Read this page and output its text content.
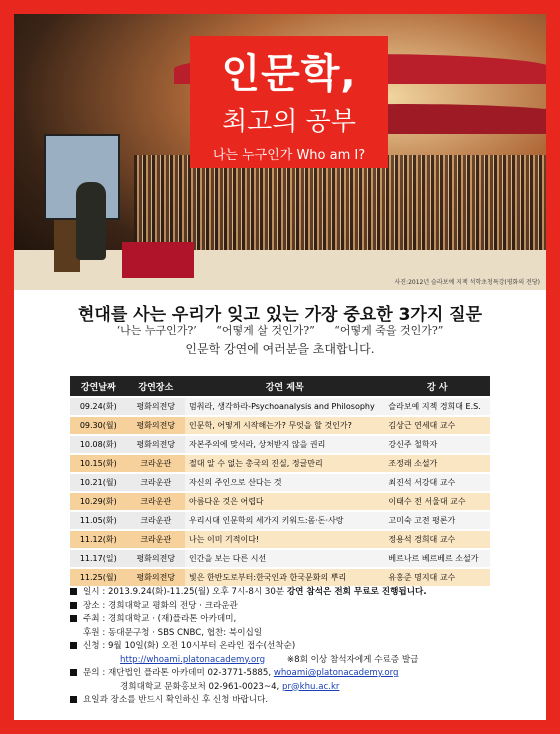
인문학,
최고의 공부
나는 누구인가 Who am I?
사진:2012년 슬라보예 지젝 석학초청특강(평화의 전당)
현대를 사는 우리가 잊고 있는 가장 중요한 3가지 질문
‘나는 누구인가?’ “어떻게 살 것인가?” “어떻게 죽을 것인가?”
인문학 강연에 여러분을 초대합니다.
강연날짜	강연장소	강연 제목	강 사
09.24(화)	평화의전당	멈춰라, 생각하라-Psychoanalysis and Philosophy	슬라보예 지젝 경희대 E.S.
09.30(월)	평화의전당	인문학, 어떻게 시작해는가? 무엇을 할 것인가?	김상근 연세대 교수
10.08(화)	평화의전당	자본주의에 맞서라, 상처받지 않을 권리	강신주 철학자
10.15(화)	크라운관	절대 알 수 없는 총국의 진실, 정글만리	조정래 소설가
10.21(월)	크라운관	자신의 주인으로 산다는 것	최진석 서강대 교수
10.29(화)	크라운관	아름다운 것은 어렵다	이태수 전 서울대 교수
11.05(화)	크라운관	우리시대 인문학의 세가지 키워드:몸·돈·사랑	고미숙 고전 평론가
11.12(화)	크라운관	나는 이미 기적이다!	정용석 경희대 교수
11.17(일)	평화의전당	인간을 보는 다른 시선	베르나르 베르베르 소설가
11.25(월)	평화의전당	빛은 한반도로부터:한국인과 한국문화의 뿌리	유홍준 명지대 교수
일시 : 2013.9.24(화)-11.25(월) 오후 7시-8시 30분 강연 참석은 전회 무료로 진행됩니다.
장소 : 경희대학교 평화의 전당 · 크라운관
주최 : 경희대학교 · (재)플라톤 아카데미,
후원 : 동대문구청 · SBS CNBC, 협찬: 북이십일
신청 : 9월 10일(화) 오전 10시부터 온라인 접수(선착순)
http://whoami.platonacademy.org	※8회 이상 참석자에게 수료증 발급
문의 : 재단법인 플라톤 아카데미 02-3771-5885, whoami@platonacademy.org
경희대학교 문화홍보처 02-961-0023~4, pr@khu.ac.kr
요일과 장소를 반드시 확인하신 후 신청 바랍니다.
